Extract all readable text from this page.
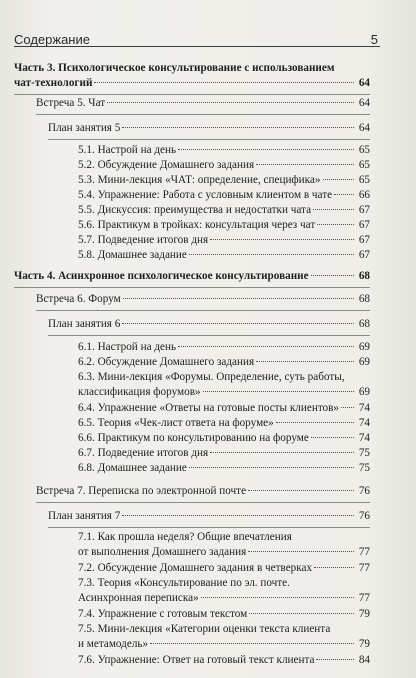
Содержание	5
Часть 3. Психологическое консультирование с использованием
чат-технологий	64
Встреча 5. Чат	64
План занятия 5	64
5.1. Настрой на день	65
5.2. Обсуждение Домашнего задания	65
5.3. Мини-лекция «ЧАТ: определение, специфика»	65
5.4. Упражнение: Работа с условным клиентом в чате 66
5.5. Дискуссия: преимущества и недостатки чата	67
5.6. Практикум в тройках: консультация через чат	67
5.7. Подведение итогов дня	67
5.8. Домашнее задание	67
Часть 4. Асинхронное психологическое консультирование	68
Встреча 6. Форум	68
План занятия 6	68
6.1. Настрой на день	69
6.2. Обсуждение Домашнего задания	69
6.3. Мини-лекция «Форумы. Определение, суть работы,
классификация форумов»	69
6.4. Упражнение «Ответы на готовые посты клиентов» 74
6.5. Теория «Чек-лист ответа на форуме»	74
6.6. Практикум по консультированию на форуме	74
6.7. Подведение итогов дня	75
6.8. Домашнее задание	75
Встреча 7. Переписка по электронной почте	76
План занятия 7	76
7.1. Как прошла неделя? Общие впечатления
от выполнения Домашнего задания	77
7.2. Обсуждение Домашнего задания в четверках	77
7.3. Теория «Консультирование по эл. почте.
Асинхронная переписка»	77
7.4. Упражнение с готовым текстом	79
7.5. Мини-лекция «Категории оценки текста клиента
и метамодель»	79
7.6. Упражнение: Ответ на готовый текст клиента	84
